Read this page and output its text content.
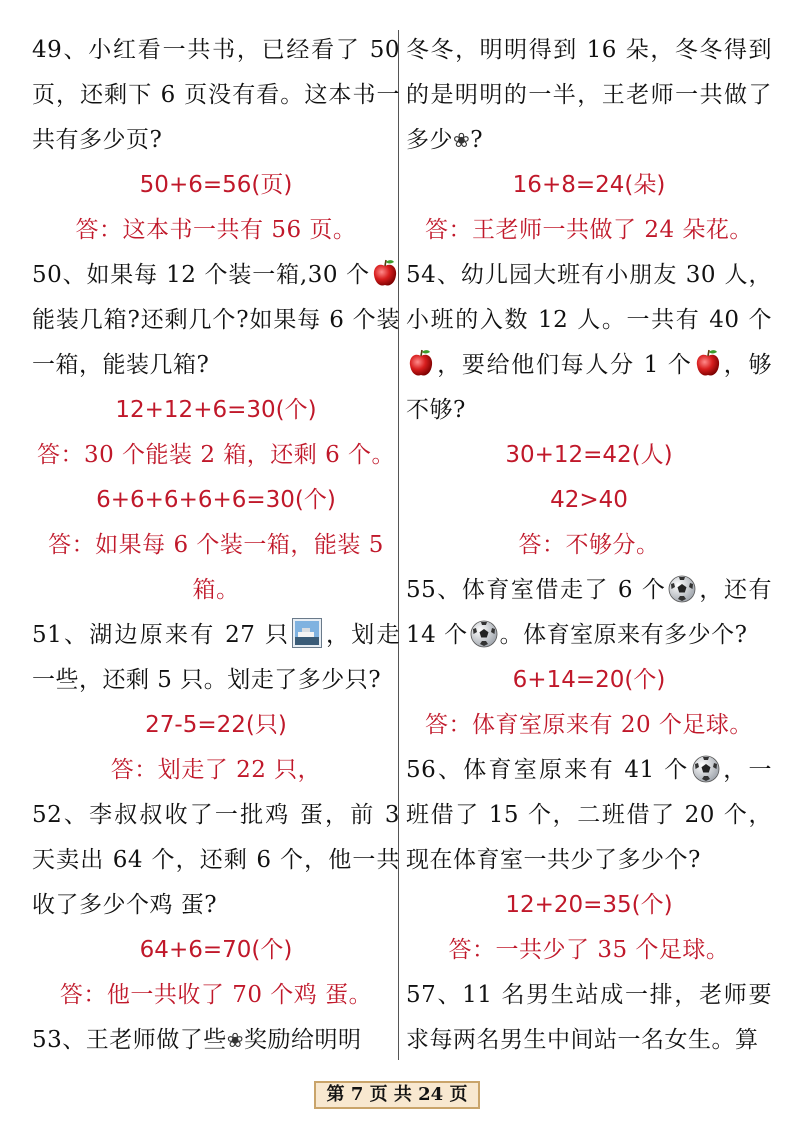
49、小红看一共书，已经看了 50 页，还剩下 6 页没有看。这本书一共有多少页?

50+6=56(页)

答：这本书一共有 56 页。

50、如果每 12 个装一箱,30 个能装几箱?还剩几个?如果每 6 个装一箱，能装几箱?

12+12+6=30(个)

答：30 个能装 2 箱，还剩 6 个。

6+6+6+6+6=30(个)

答：如果每 6 个装一箱，能装 5 箱。

51、湖边原来有 27 只 ，划走一些，还剩 5 只。划走了多少只?

27-5=22(只)

答：划走了 22 只，

52、李叔叔收了一批鸡 蛋，前 3 天卖出 64 个，还剩 6 个，他一共收了多少个鸡 蛋?

64+6=70(个)

答：他一共收了 70 个鸡 蛋。

53、王老师做了些❀奖励给明明

冬冬，明明得到 16 朵，冬冬得到的是明明的一半，王老师一共做了多少❀?

16+8=24(朵)

答：王老师一共做了 24 朵花。

54、幼儿园大班有小朋友 30 人，小班的入数 12 人。一共有 40 个，要给他们每人分 1 个 ，够不够?

30+12=42(人)

42>40

答：不够分。

55、体育室借走了 6 个 ，还有 14 个 。体育室原来有多少个?

6+14=20(个)

答：体育室原来有 20 个足球。

56、体育室原来有 41 个 ，一班借了 15 个，二班借了 20 个，现在体育室一共少了多少个?

12+20=35(个)

答：一共少了 35 个足球。

57、11 名男生站成一排，老师要求每两名男生中间站一名女生。算

第 7 页 共 24 页
